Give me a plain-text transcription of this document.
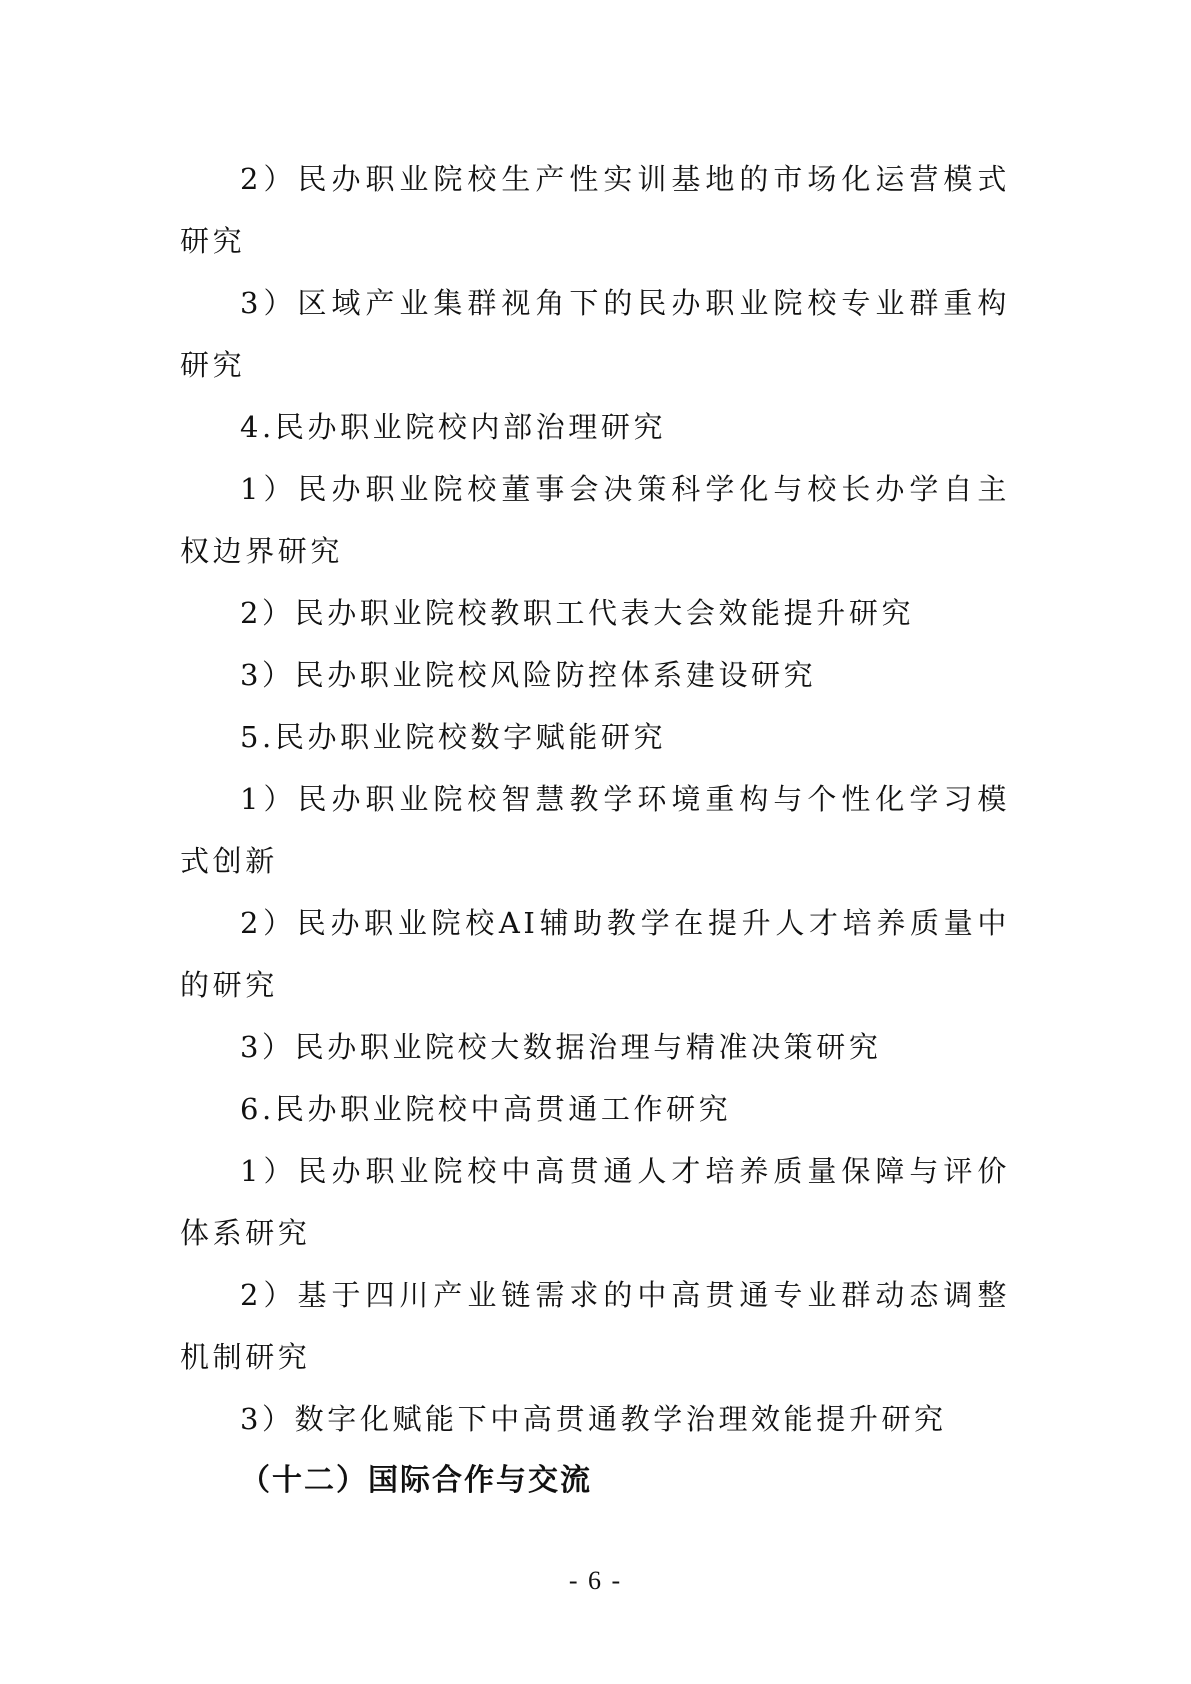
2）民办职业院校生产性实训基地的市场化运营模式研究

3）区域产业集群视角下的民办职业院校专业群重构研究

4.民办职业院校内部治理研究

1）民办职业院校董事会决策科学化与校长办学自主权边界研究

2）民办职业院校教职工代表大会效能提升研究

3）民办职业院校风险防控体系建设研究

5.民办职业院校数字赋能研究

1）民办职业院校智慧教学环境重构与个性化学习模式创新

2）民办职业院校AI辅助教学在提升人才培养质量中的研究

3）民办职业院校大数据治理与精准决策研究

6.民办职业院校中高贯通工作研究

1）民办职业院校中高贯通人才培养质量保障与评价体系研究

2）基于四川产业链需求的中高贯通专业群动态调整机制研究

3）数字化赋能下中高贯通教学治理效能提升研究

（十二）国际合作与交流

- 6 -
